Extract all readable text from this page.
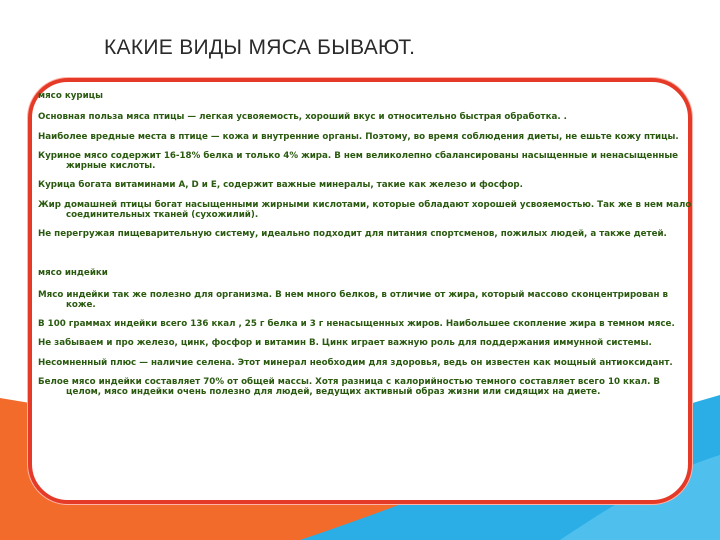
КАКИЕ ВИДЫ МЯСА БЫВАЮТ.
мясо курицы
Основная польза мяса птицы — легкая усвояемость, хороший вкус и относительно быстрая обработка. .
Наиболее вредные места в птице — кожа и внутренние органы. Поэтому, во время соблюдения диеты, не ешьте кожу птицы.
Куриное мясо содержит 16-18% белка и только 4% жира. В нем великолепно сбалансированы насыщенные и ненасыщенные жирные кислоты.
Курица богата витаминами А, D и Е, содержит важные минералы, такие как железо и фосфор.
Жир домашней птицы богат насыщенными жирными кислотами, которые обладают хорошей усвояемостью. Так же в нем мало соединительных тканей (сухожилий).
Не перегружая пищеварительную систему, идеально подходит для питания спортсменов, пожилых людей, а также детей.
мясо индейки
Мясо индейки так же полезно для организма. В нем много белков, в отличие от жира, который массово сконцентрирован в коже.
В 100 граммах индейки всего 136 ккал , 25 г белка и 3 г ненасыщенных жиров. Наибольшее скопление жира в темном мясе.
Не забываем и про железо, цинк, фосфор и витамин В. Цинк играет важную роль для поддержания иммунной системы.
Несомненный плюс — наличие селена. Этот минерал необходим для здоровья, ведь он известен как мощный антиоксидант.
Белое мясо индейки составляет 70% от общей массы. Хотя разница с калорийностью темного составляет всего 10 ккал. В целом, мясо индейки очень полезно для людей, ведущих активный образ жизни или сидящих на диете.
